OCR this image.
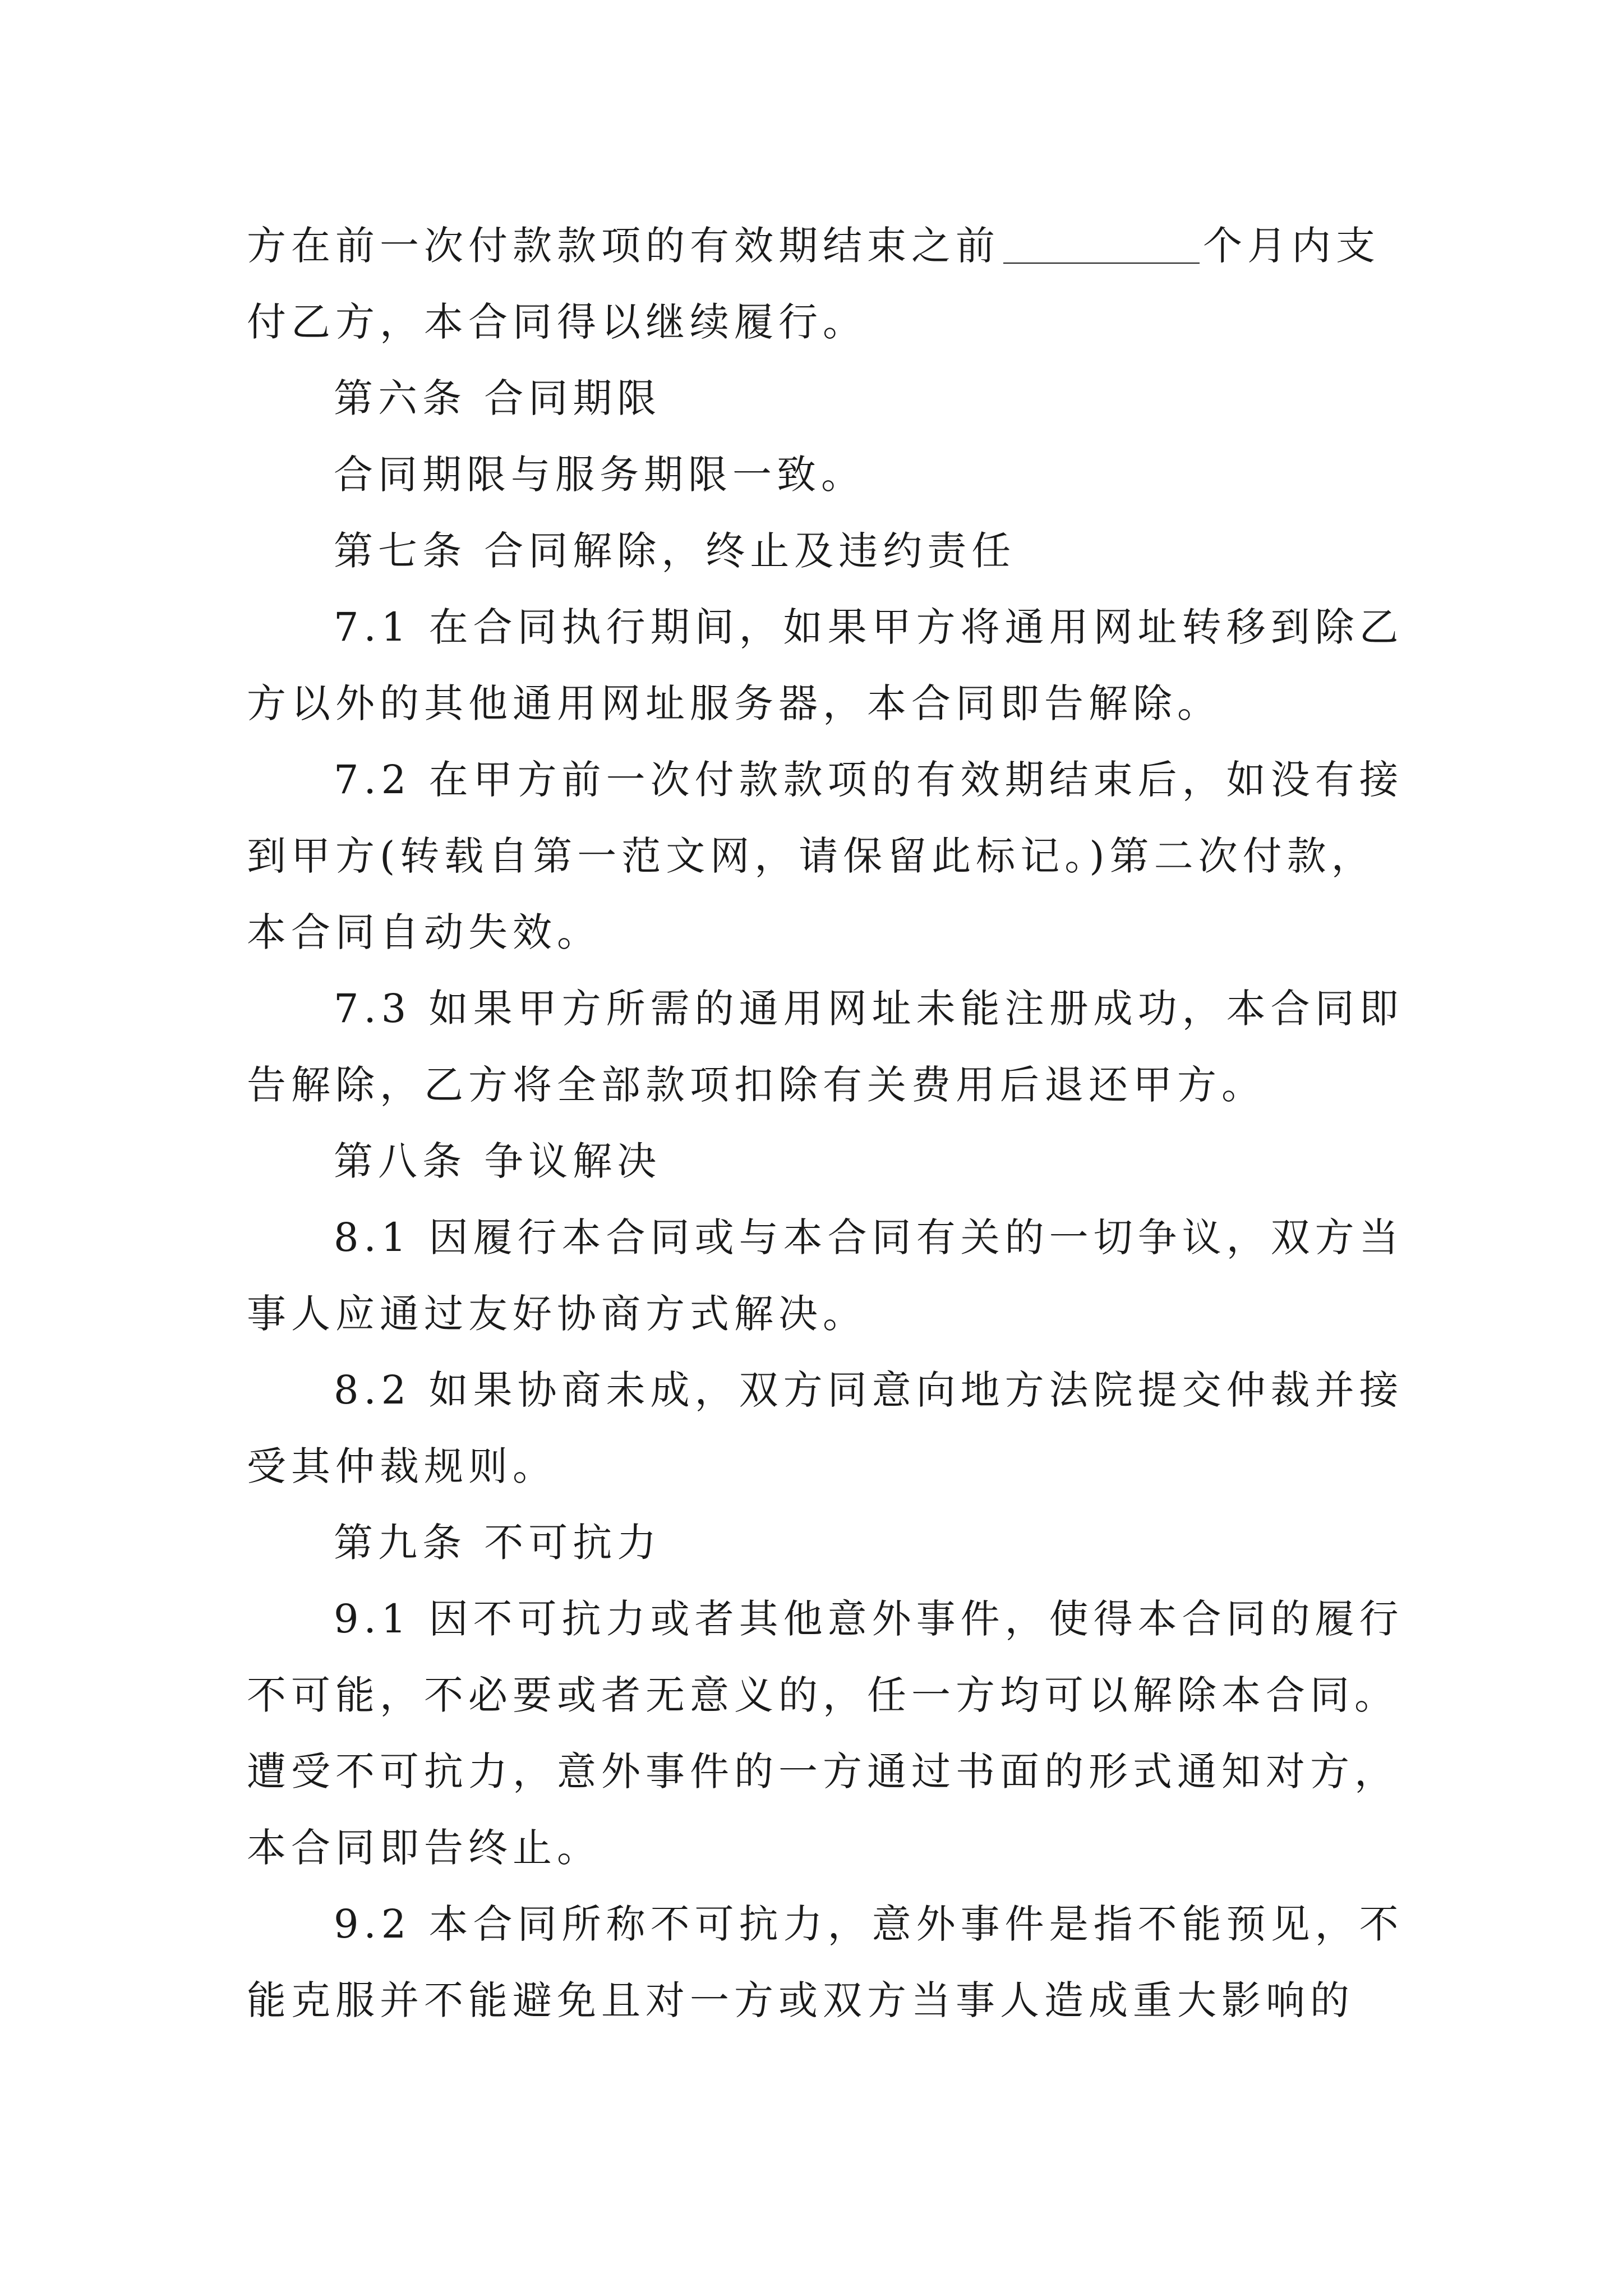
方在前一次付款款项的有效期结束之前	个月内支
付乙方，本合同得以继续履行。
第六条 合同期限
合同期限与服务期限一致。
第七条 合同解除，终止及违约责任
7.1 在合同执行期间，如果甲方将通用网址转移到除乙
方以外的其他通用网址服务器，本合同即告解除。
7.2 在甲方前一次付款款项的有效期结束后，如没有接
到甲方(转载自第一范文网，请保留此标记。)第二次付款，
本合同自动失效。
7.3 如果甲方所需的通用网址未能注册成功，本合同即
告解除，乙方将全部款项扣除有关费用后退还甲方。
第八条 争议解决
8.1 因履行本合同或与本合同有关的一切争议，双方当
事人应通过友好协商方式解决。
8.2 如果协商未成，双方同意向地方法院提交仲裁并接
受其仲裁规则。
第九条 不可抗力
9.1 因不可抗力或者其他意外事件，使得本合同的履行
不可能，不必要或者无意义的，任一方均可以解除本合同。
遭受不可抗力，意外事件的一方通过书面的形式通知对方，
本合同即告终止。
9.2 本合同所称不可抗力，意外事件是指不能预见，不
能克服并不能避免且对一方或双方当事人造成重大影响的
